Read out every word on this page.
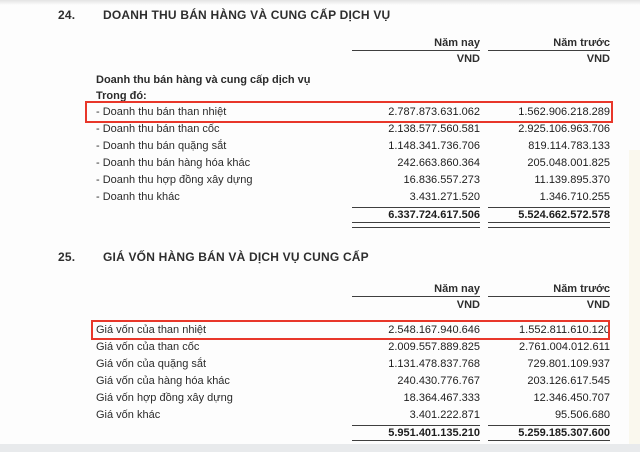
24. DOANH THU BÁN HÀNG VÀ CUNG CẤP DỊCH VỤ
Năm nay	Năm trước
VND	VND
Doanh thu bán hàng và cung cấp dịch vụ
Trong đó:
- Doanh thu bán than nhiệt	2.787.873.631.062	1.562.906.218.289
- Doanh thu bán than cốc	2.138.577.560.581	2.925.106.963.706
- Doanh thu bán quặng sắt	1.148.341.736.706	819.114.783.133
- Doanh thu bán hàng hóa khác	242.663.860.364	205.048.001.825
- Doanh thu hợp đồng xây dựng	16.836.557.273	11.139.895.370
- Doanh thu khác	3.431.271.520	1.346.710.255
6.337.724.617.506	5.524.662.572.578
25. GIÁ VỐN HÀNG BÁN VÀ DỊCH VỤ CUNG CẤP
Năm nay	Năm trước
VND	VND
Giá vốn của than nhiệt	2.548.167.940.646	1.552.811.610.120
Giá vốn của than cốc	2.009.557.889.825	2.761.004.012.611
Giá vốn của quặng sắt	1.131.478.837.768	729.801.109.937
Giá vốn của hàng hóa khác	240.430.776.767	203.126.617.545
Giá vốn hợp đồng xây dựng	18.364.467.333	12.346.450.707
Giá vốn khác	3.401.222.871	95.506.680
5.951.401.135.210	5.259.185.307.600
